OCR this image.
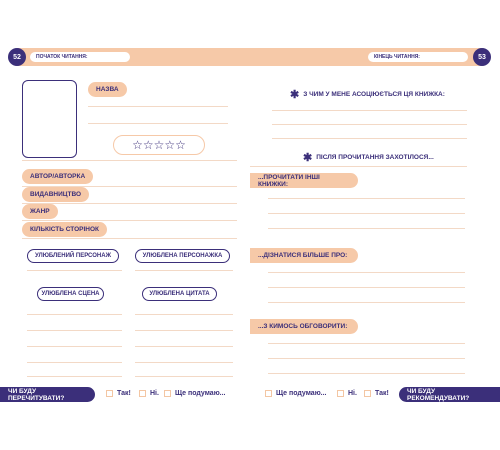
52	53
ПОЧАТОК ЧИТАННЯ:	КІНЕЦЬ ЧИТАННЯ:
НАЗВА
☆☆☆☆☆
АВТОР/АВТОРКА
ВИДАВНИЦТВО
ЖАНР
КІЛЬКІСТЬ СТОРІНОК
УЛЮБЛЕНИЙ ПЕРСОНАЖ	УЛЮБЛЕНА ПЕРСОНАЖКА
УЛЮБЛЕНА СЦЕНА	УЛЮБЛЕНА ЦИТАТА
ЧИ БУДУ ПЕРЕЧИТУВАТИ?
Так!	Ні. Ще подумаю...
✱ З ЧИМ У МЕНЕ АСОЦІЮЄТЬСЯ ЦЯ КНИЖКА:
✱ ПІСЛЯ ПРОЧИТАННЯ ЗАХОТІЛОСЯ...
...ПРОЧИТАТИ ІНШІ КНИЖКИ:
...ДІЗНАТИСЯ БІЛЬШЕ ПРО:
...З КИМОСЬ ОБГОВОРИТИ:
Ще подумаю...	Ні.	Так!	ЧИ БУДУ РЕКОМЕНДУВАТИ?
